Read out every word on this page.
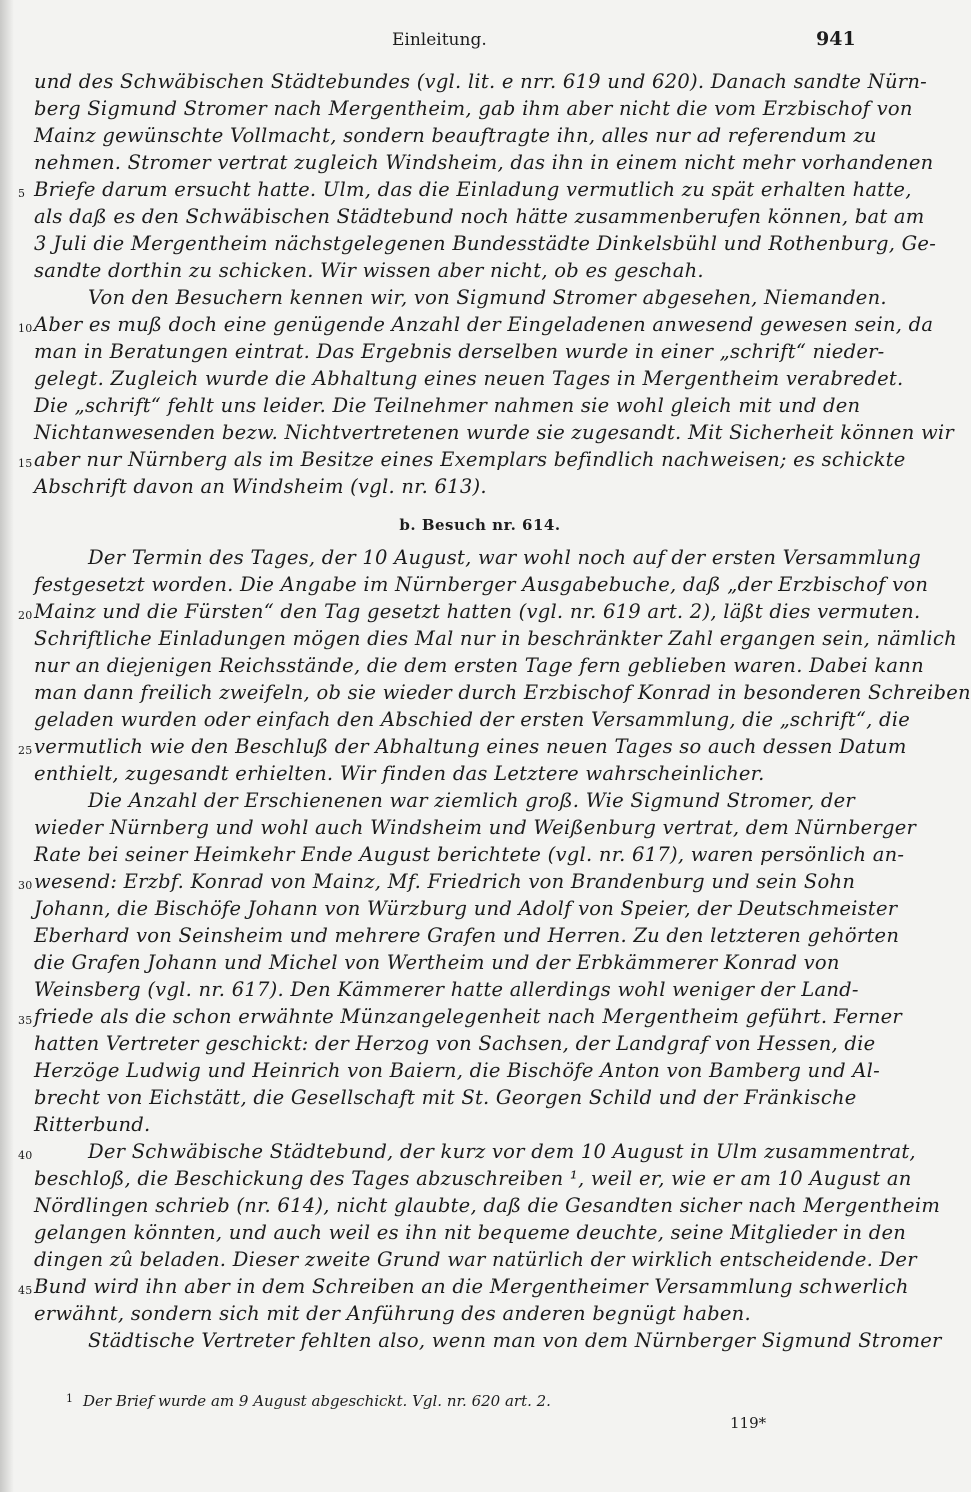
Einleitung.	941
und des Schwäbischen Städtebundes (vgl. lit. e nrr. 619 und 620). Danach sandte Nürn-
berg Sigmund Stromer nach Mergentheim, gab ihm aber nicht die vom Erzbischof von
Mainz gewünschte Vollmacht, sondern beauftragte ihn, alles nur ad referendum zu
nehmen. Stromer vertrat zugleich Windsheim, das ihn in einem nicht mehr vorhandenen
5 Briefe darum ersucht hatte. Ulm, das die Einladung vermutlich zu spät erhalten hatte,
als daß es den Schwäbischen Städtebund noch hätte zusammenberufen können, bat am
3 Juli die Mergentheim nächstgelegenen Bundesstädte Dinkelsbühl und Rothenburg, Ge-
sandte dorthin zu schicken. Wir wissen aber nicht, ob es geschah.
Von den Besuchern kennen wir, von Sigmund Stromer abgesehen, Niemanden.
10 Aber es muß doch eine genügende Anzahl der Eingeladenen anwesend gewesen sein, da
man in Beratungen eintrat. Das Ergebnis derselben wurde in einer „schrift“ nieder-
gelegt. Zugleich wurde die Abhaltung eines neuen Tages in Mergentheim verabredet.
Die „schrift“ fehlt uns leider. Die Teilnehmer nahmen sie wohl gleich mit und den
Nichtanwesenden bezw. Nichtvertretenen wurde sie zugesandt. Mit Sicherheit können wir
15 aber nur Nürnberg als im Besitze eines Exemplars befindlich nachweisen; es schickte
Abschrift davon an Windsheim (vgl. nr. 613).
b. Besuch nr. 614.
Der Termin des Tages, der 10 August, war wohl noch auf der ersten Versammlung
festgesetzt worden. Die Angabe im Nürnberger Ausgabebuche, daß „der Erzbischof von
20 Mainz und die Fürsten“ den Tag gesetzt hatten (vgl. nr. 619 art. 2), läßt dies vermuten.
Schriftliche Einladungen mögen dies Mal nur in beschränkter Zahl ergangen sein, nämlich
nur an diejenigen Reichsstände, die dem ersten Tage fern geblieben waren. Dabei kann
man dann freilich zweifeln, ob sie wieder durch Erzbischof Konrad in besonderen Schreiben
geladen wurden oder einfach den Abschied der ersten Versammlung, die „schrift“, die
25 vermutlich wie den Beschluß der Abhaltung eines neuen Tages so auch dessen Datum
enthielt, zugesandt erhielten. Wir finden das Letztere wahrscheinlicher.
Die Anzahl der Erschienenen war ziemlich groß. Wie Sigmund Stromer, der
wieder Nürnberg und wohl auch Windsheim und Weißenburg vertrat, dem Nürnberger
Rate bei seiner Heimkehr Ende August berichtete (vgl. nr. 617), waren persönlich an-
30 wesend: Erzbf. Konrad von Mainz, Mf. Friedrich von Brandenburg und sein Sohn
Johann, die Bischöfe Johann von Würzburg und Adolf von Speier, der Deutschmeister
Eberhard von Seinsheim und mehrere Grafen und Herren. Zu den letzteren gehörten
die Grafen Johann und Michel von Wertheim und der Erbkämmerer Konrad von
Weinsberg (vgl. nr. 617). Den Kämmerer hatte allerdings wohl weniger der Land-
35 friede als die schon erwähnte Münzangelegenheit nach Mergentheim geführt. Ferner
hatten Vertreter geschickt: der Herzog von Sachsen, der Landgraf von Hessen, die
Herzöge Ludwig und Heinrich von Baiern, die Bischöfe Anton von Bamberg und Al-
brecht von Eichstätt, die Gesellschaft mit St. Georgen Schild und der Fränkische
Ritterbund.
40	Der Schwäbische Städtebund, der kurz vor dem 10 August in Ulm zusammentrat,
beschloß, die Beschickung des Tages abzuschreiben ¹, weil er, wie er am 10 August an
Nördlingen schrieb (nr. 614), nicht glaubte, daß die Gesandten sicher nach Mergentheim
gelangen könnten, und auch weil es ihn nit bequeme deuchte, seine Mitglieder in den
dingen zû beladen. Dieser zweite Grund war natürlich der wirklich entscheidende. Der
45 Bund wird ihn aber in dem Schreiben an die Mergentheimer Versammlung schwerlich
erwähnt, sondern sich mit der Anführung des anderen begnügt haben.
Städtische Vertreter fehlten also, wenn man von dem Nürnberger Sigmund Stromer
$^1$ Der Brief wurde am 9 August abgeschickt. Vgl. nr. 620 art. 2.
119*
